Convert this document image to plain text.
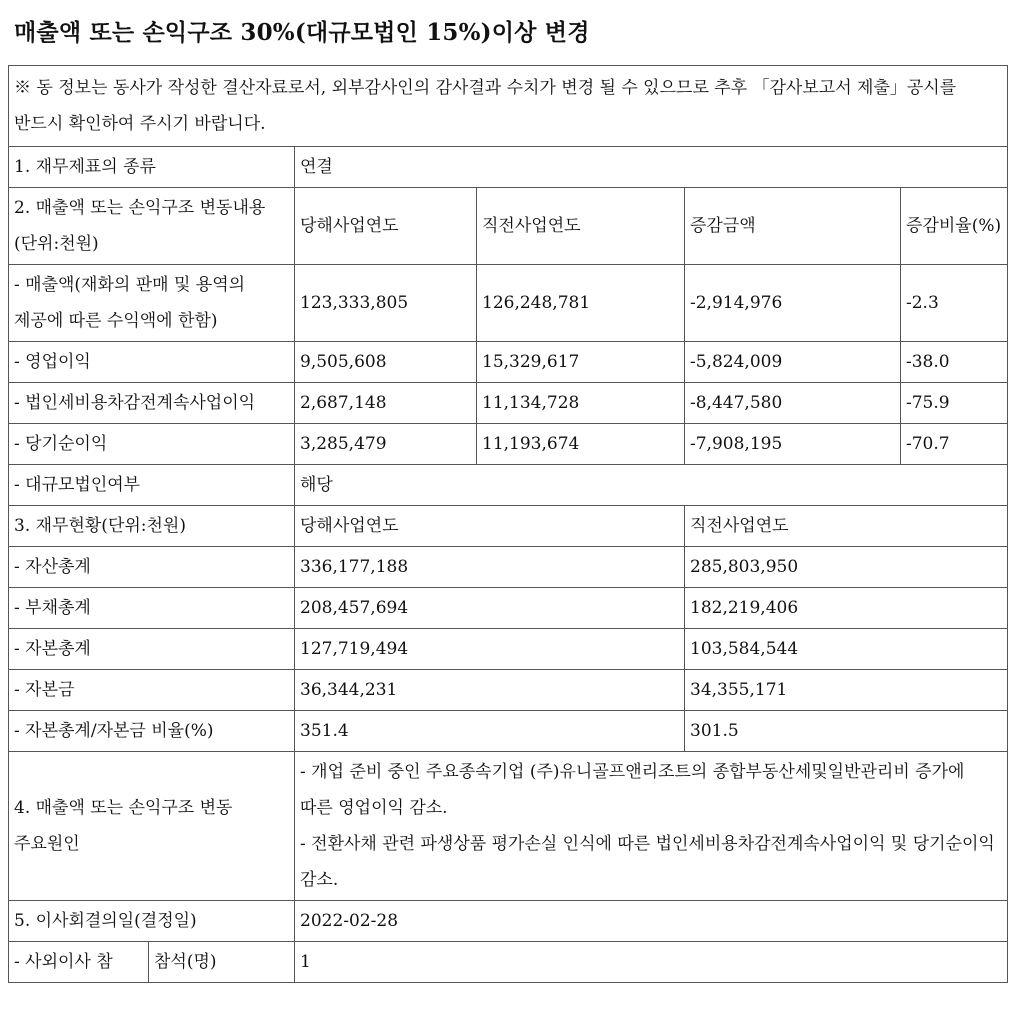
매출액 또는 손익구조 30%(대규모법인 15%)이상 변경
※ 동 정보는 동사가 작성한 결산자료로서, 외부감사인의 감사결과 수치가 변경 될 수 있으므로 추후 「감사보고서 제출」공시를 반드시 확인하여 주시기 바랍니다.					
1. 재무제표의 종류		연결			
2. 매출액 또는 손익구조 변동내용(단위:천원)		당해사업연도	직전사업연도	증감금액	증감비율(%)
- 매출액(재화의 판매 및 용역의 제공에 따른 수익액에 한함)		123,333,805	126,248,781	-2,914,976	-2.3
- 영업이익		9,505,608	15,329,617	-5,824,009	-38.0
- 법인세비용차감전계속사업이익		2,687,148	11,134,728	-8,447,580	-75.9
- 당기순이익		3,285,479	11,193,674	-7,908,195	-70.7
- 대규모법인여부		해당			
3. 재무현황(단위:천원)		당해사업연도		직전사업연도	
- 자산총계		336,177,188		285,803,950	
- 부채총계		208,457,694		182,219,406	
- 자본총계		127,719,494		103,584,544	
- 자본금		36,344,231		34,355,171	
- 자본총계/자본금 비율(%)		351.4		301.5	
4. 매출액 또는 손익구조 변동 주요원인		- 개업 준비 중인 주요종속기업 (주)유니골프앤리조트의 종합부동산세및일반관리비 증가에 따른 영업이익 감소.
- 전환사채 관련 파생상품 평가손실 인식에 따른 법인세비용차감전계속사업이익 및 당기순이익 감소.			

5. 이사회결의일(결정일)		2022-02-28			
- 사외이사 참	참석(명)	1			
